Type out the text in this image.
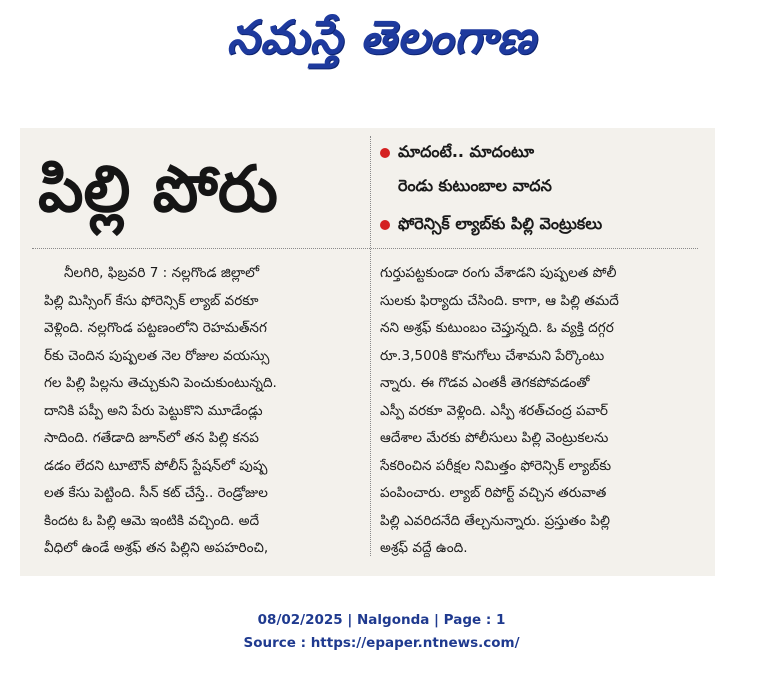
నమస్తే తెలంగాణ
పిల్లి పోరు
మాదంటే.. మాదంటూ
రెండు కుటుంబాల వాదన
ఫోరెన్సిక్ ల్యాబ్‌కు పిల్లి వెంట్రుకలు
నీలగిరి, ఫిబ్రవరి 7 : నల్లగొండ జిల్లాలో
పిల్లి మిస్సింగ్ కేసు ఫోరెన్సిక్ ల్యాబ్ వరకూ
వెళ్లింది. నల్లగొండ పట్టణంలోని రెహమత్‌నగ
ర్‌కు చెందిన పుష్పలత నెల రోజుల వయస్సు
గల పిల్లి పిల్లను తెచ్చుకుని పెంచుకుంటున్నది.
దానికి పప్పీ అని పేరు పెట్టుకొని మూడేండ్లు
సాదింది. గతేడాది జూన్‌లో తన పిల్లి కనప
డడం లేదని టూటౌన్ పోలీస్ స్టేషన్‌లో పుష్ప
లత కేసు పెట్టింది. సీన్ కట్ చేస్తే.. రెండ్రోజుల
కిందట ఓ పిల్లి ఆమె ఇంటికి వచ్చింది. అదే
వీధిలో ఉండే అశ్రఫ్ తన పిల్లిని అపహరించి,
గుర్తుపట్టకుండా రంగు వేశాడని పుష్పలత పోలీ
సులకు ఫిర్యాదు చేసింది. కాగా, ఆ పిల్లి తమదే
నని అశ్రఫ్ కుటుంబం చెప్తున్నది. ఓ వ్యక్తి దగ్గర
రూ.3,500కి కొనుగోలు చేశామని పేర్కొంటు
న్నారు. ఈ గొడవ ఎంతకీ తెగకపోవడంతో
ఎస్పీ వరకూ వెళ్లింది. ఎస్పీ శరత్‌చంద్ర పవార్
ఆదేశాల మేరకు పోలీసులు పిల్లి వెంట్రుకలను
సేకరించిన పరీక్షల నిమిత్తం ఫోరెన్సిక్ ల్యాబ్‌కు
పంపించారు. ల్యాబ్ రిపోర్ట్ వచ్చిన తరువాత
పిల్లి ఎవరిదనేది తేల్చనున్నారు. ప్రస్తుతం పిల్లి
అశ్రఫ్ వద్దే ఉంది.
08/02/2025 | Nalgonda | Page : 1
Source : https://epaper.ntnews.com/
